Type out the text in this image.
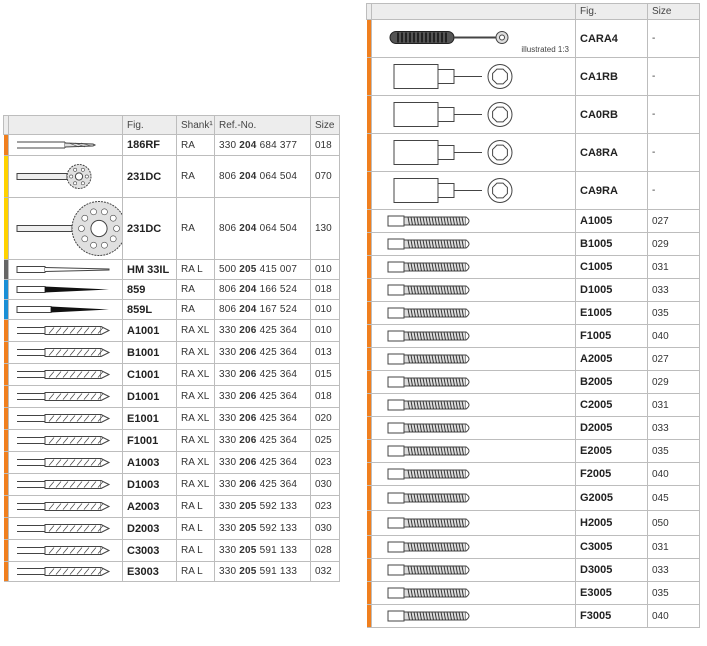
		Fig.	Shank¹	Ref.-No.	Size

	186RF	RA	330 204 684 377	018

	231DC	RA	806 204 064 504	070

	231DC	RA	806 204 064 504	130

	HM 33IL	RA L	500 205 415 007	010

	859	RA	806 204 166 524	018

	859L	RA	806 204 167 524	010

	A1001	RA XL	330 206 425 364	010

	B1001	RA XL	330 206 425 364	013

	C1001	RA XL	330 206 425 364	015

	D1001	RA XL	330 206 425 364	018

	E1001	RA XL	330 206 425 364	020

	F1001	RA XL	330 206 425 364	025

	A1003	RA XL	330 206 425 364	023

	D1003	RA XL	330 206 425 364	030

	A2003	RA L	330 205 592 133	023

	D2003	RA L	330 205 592 133	030

	C3003	RA L	330 205 591 133	028

	E3003	RA L	330 205 591 133	032
		Fig.	Size

	illustrated 1:3	CARA4	-

	CA1RB	-

	CA0RB	-

	CA8RA	-

	CA9RA	-

	A1005	027

	B1005	029

	C1005	031

	D1005	033

	E1005	035

	F1005	040

	A2005	027

	B2005	029

	C2005	031

	D2005	033

	E2005	035

	F2005	040

	G2005	045

	H2005	050

	C3005	031

	D3005	033

	E3005	035

	F3005	040
